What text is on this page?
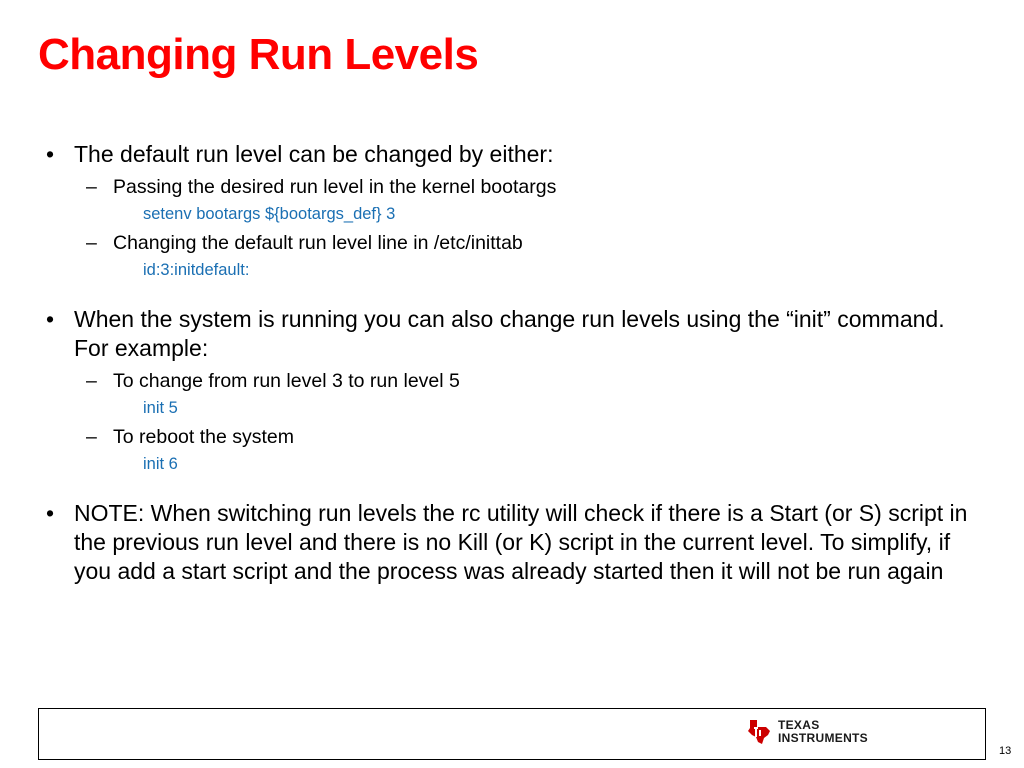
Changing Run Levels
• The default run level can be changed by either:
– Passing the desired run level in the kernel bootargs
setenv bootargs ${bootargs_def} 3
– Changing the default run level line in /etc/inittab
id:3:initdefault:
• When the system is running you can also change run levels using the “init” command. For example:
– To change from run level 3 to run level 5
init 5
– To reboot the system
init 6
• NOTE: When switching run levels the rc utility will check if there is a Start (or S) script in the previous run level and there is no Kill (or K) script in the current level. To simplify, if you add a start script and the process was already started then it will not be run again
TEXAS
INSTRUMENTS
13
